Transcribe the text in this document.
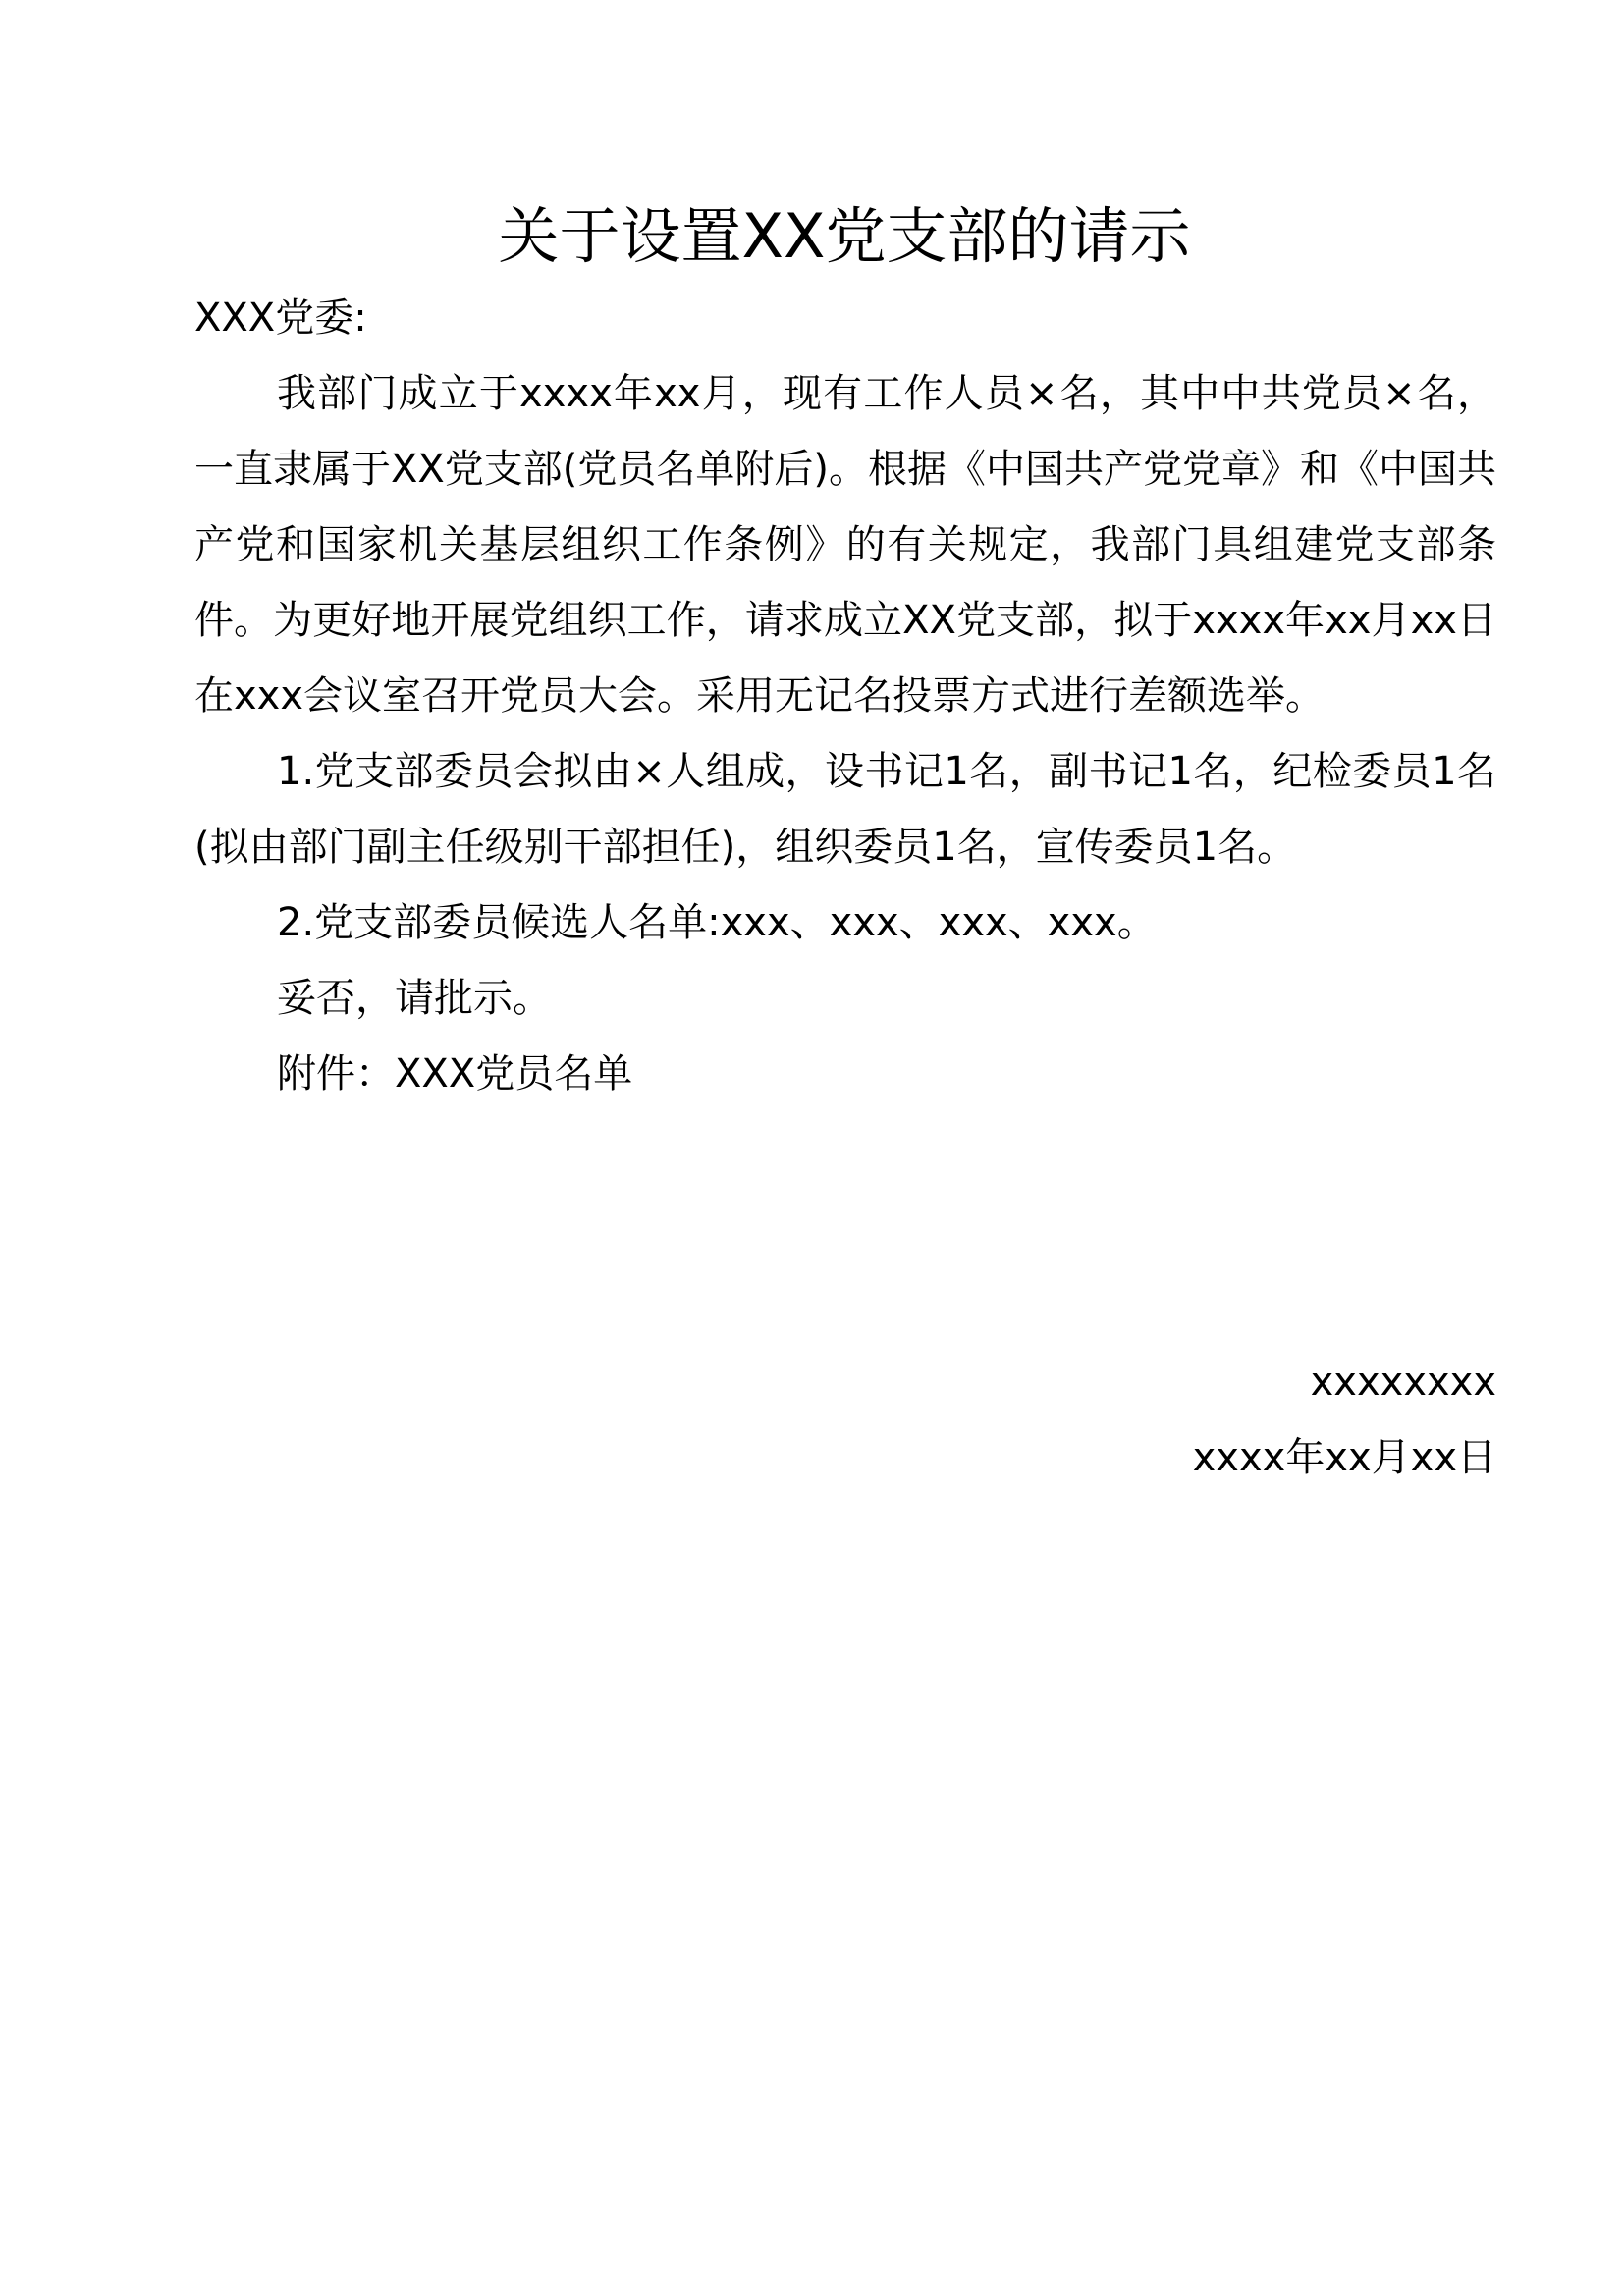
关于设置XX党支部的请示

XXX党委:

我部门成立于xxxx年xx月，现有工作人员×名，其中中共党员×名，一直隶属于XX党支部(党员名单附后)。根据《中国共产党党章》和《中国共产党和国家机关基层组织工作条例》的有关规定，我部门具组建党支部条件。为更好地开展党组织工作，请求成立XX党支部，拟于xxxx年xx月xx日在xxx会议室召开党员大会。采用无记名投票方式进行差额选举。

1.党支部委员会拟由×人组成，设书记1名，副书记1名，纪检委员1名(拟由部门副主任级别干部担任)，组织委员1名，宣传委员1名。

2.党支部委员候选人名单:xxx、xxx、xxx、xxx。

妥否，请批示。

附件：XXX党员名单

xxxxxxxx
xxxx年xx月xx日
